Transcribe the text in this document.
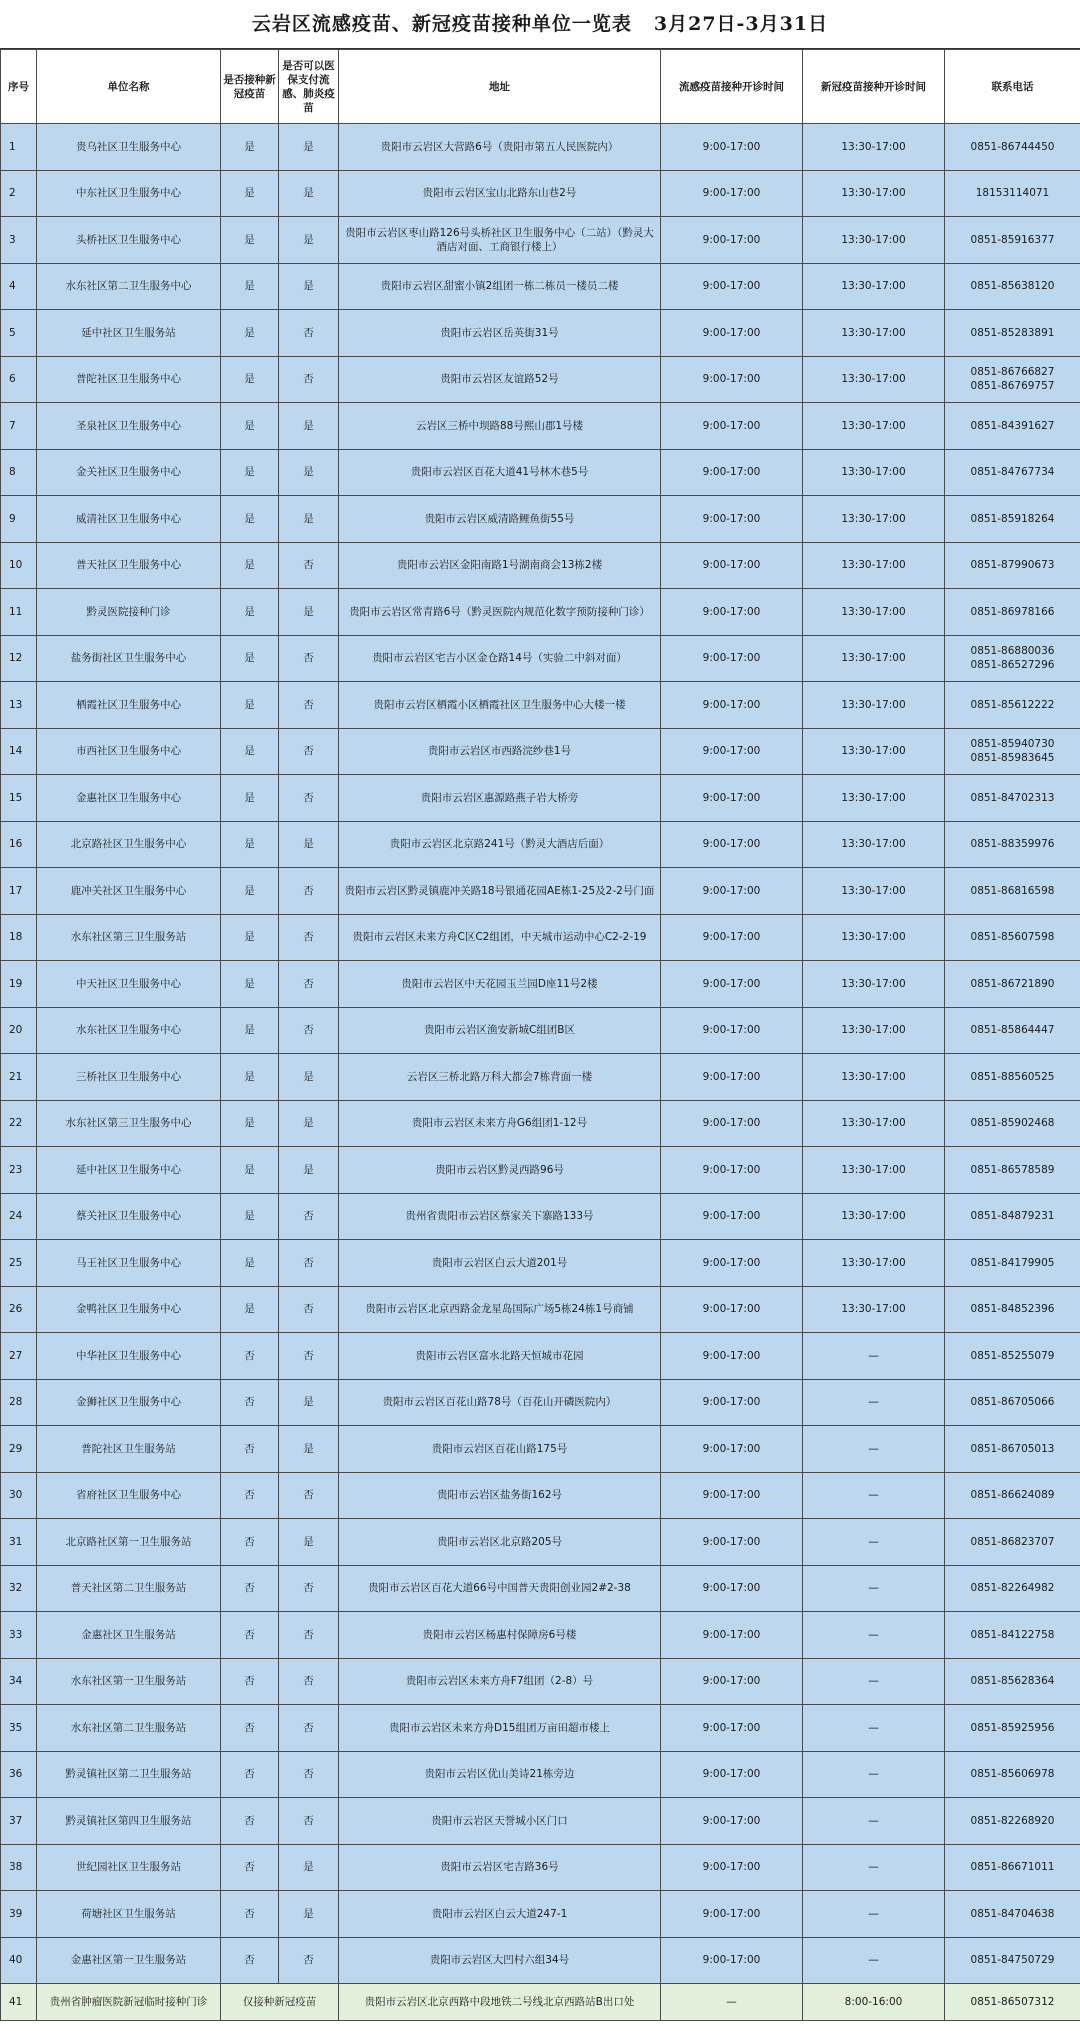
云岩区流感疫苗、新冠疫苗接种单位一览表 3月27日-3月31日
序号	单位名称	是否接种新冠疫苗	是否可以医保支付流感、肺炎疫苗	地址	流感疫苗接种开诊时间	新冠疫苗接种开诊时间	联系电话
1	贵乌社区卫生服务中心	是	是	贵阳市云岩区大营路6号（贵阳市第五人民医院内）	9:00-17:00	13:30-17:00	0851-86744450

2	中东社区卫生服务中心	是	是	贵阳市云岩区宝山北路东山巷2号	9:00-17:00	13:30-17:00	18153114071

3	头桥社区卫生服务中心	是	是	贵阳市云岩区枣山路126号头桥社区卫生服务中心（二站）（黔灵大酒店对面、工商银行楼上）	9:00-17:00	13:30-17:00	0851-85916377

4	水东社区第二卫生服务中心	是	是	贵阳市云岩区甜蜜小镇2组团一栋二栋员一楼员二楼	9:00-17:00	13:30-17:00	0851-85638120

5	延中社区卫生服务站	是	否	贵阳市云岩区岳英街31号	9:00-17:00	13:30-17:00	0851-85283891

6	普陀社区卫生服务中心	是	否	贵阳市云岩区友谊路52号	9:00-17:00	13:30-17:00	0851-86766827
0851-86769757

7	圣泉社区卫生服务中心	是	是	云岩区三桥中坝路88号熙山郡1号楼	9:00-17:00	13:30-17:00	0851-84391627

8	金关社区卫生服务中心	是	是	贵阳市云岩区百花大道41号林木巷5号	9:00-17:00	13:30-17:00	0851-84767734

9	威清社区卫生服务中心	是	是	贵阳市云岩区威清路鲤鱼街55号	9:00-17:00	13:30-17:00	0851-85918264

10	普天社区卫生服务中心	是	否	贵阳市云岩区金阳南路1号湖南商会13栋2楼	9:00-17:00	13:30-17:00	0851-87990673

11	黔灵医院接种门诊	是	是	贵阳市云岩区常青路6号（黔灵医院内规范化数字预防接种门诊）	9:00-17:00	13:30-17:00	0851-86978166

12	盐务街社区卫生服务中心	是	否	贵阳市云岩区宅吉小区金仓路14号（实验二中斜对面）	9:00-17:00	13:30-17:00	0851-86880036
0851-86527296

13	栖霞社区卫生服务中心	是	否	贵阳市云岩区栖霞小区栖霞社区卫生服务中心大楼一楼	9:00-17:00	13:30-17:00	0851-85612222

14	市西社区卫生服务中心	是	否	贵阳市云岩区市西路浣纱巷1号	9:00-17:00	13:30-17:00	0851-85940730
0851-85983645

15	金惠社区卫生服务中心	是	否	贵阳市云岩区惠源路燕子岩大桥旁	9:00-17:00	13:30-17:00	0851-84702313

16	北京路社区卫生服务中心	是	是	贵阳市云岩区北京路241号（黔灵大酒店后面）	9:00-17:00	13:30-17:00	0851-88359976

17	鹿冲关社区卫生服务中心	是	否	贵阳市云岩区黔灵镇鹿冲关路18号银通花园AE栋1-25及2-2号门面	9:00-17:00	13:30-17:00	0851-86816598

18	水东社区第三卫生服务站	是	否	贵阳市云岩区未来方舟C区C2组团，中天城市运动中心C2-2-19	9:00-17:00	13:30-17:00	0851-85607598

19	中天社区卫生服务中心	是	否	贵阳市云岩区中天花园玉兰园D座11号2楼	9:00-17:00	13:30-17:00	0851-86721890

20	水东社区卫生服务中心	是	否	贵阳市云岩区渔安新城C组团B区	9:00-17:00	13:30-17:00	0851-85864447

21	三桥社区卫生服务中心	是	是	云岩区三桥北路万科大都会7栋背面一楼	9:00-17:00	13:30-17:00	0851-88560525

22	水东社区第三卫生服务中心	是	是	贵阳市云岩区未来方舟G6组团1-12号	9:00-17:00	13:30-17:00	0851-85902468

23	延中社区卫生服务中心	是	是	贵阳市云岩区黔灵西路96号	9:00-17:00	13:30-17:00	0851-86578589

24	蔡关社区卫生服务中心	是	否	贵州省贵阳市云岩区蔡家关下寨路133号	9:00-17:00	13:30-17:00	0851-84879231

25	马王社区卫生服务中心	是	否	贵阳市云岩区白云大道201号	9:00-17:00	13:30-17:00	0851-84179905

26	金鸭社区卫生服务中心	是	否	贵阳市云岩区北京西路金龙星岛国际广场5栋24栋1号商铺	9:00-17:00	13:30-17:00	0851-84852396

27	中华社区卫生服务中心	否	否	贵阳市云岩区富水北路天恒城市花园	9:00-17:00	—	0851-85255079

28	金狮社区卫生服务中心	否	是	贵阳市云岩区百花山路78号（百花山开磷医院内）	9:00-17:00	—	0851-86705066

29	普陀社区卫生服务站	否	是	贵阳市云岩区百花山路175号	9:00-17:00	—	0851-86705013

30	省府社区卫生服务中心	否	否	贵阳市云岩区盐务街162号	9:00-17:00	—	0851-86624089

31	北京路社区第一卫生服务站	否	是	贵阳市云岩区北京路205号	9:00-17:00	—	0851-86823707

32	普天社区第二卫生服务站	否	否	贵阳市云岩区百花大道66号中国普天贵阳创业园2#2-38	9:00-17:00	—	0851-82264982

33	金惠社区卫生服务站	否	否	贵阳市云岩区杨惠村保障房6号楼	9:00-17:00	—	0851-84122758

34	水东社区第一卫生服务站	否	否	贵阳市云岩区未来方舟F7组团（2-8）号	9:00-17:00	—	0851-85628364

35	水东社区第二卫生服务站	否	否	贵阳市云岩区未来方舟D15组团万亩田超市楼上	9:00-17:00	—	0851-85925956

36	黔灵镇社区第二卫生服务站	否	否	贵阳市云岩区优山美诗21栋旁边	9:00-17:00	—	0851-85606978

37	黔灵镇社区第四卫生服务站	否	否	贵阳市云岩区天誉城小区门口	9:00-17:00	—	0851-82268920

38	世纪园社区卫生服务站	否	是	贵阳市云岩区宅吉路36号	9:00-17:00	—	0851-86671011

39	荷塘社区卫生服务站	否	是	贵阳市云岩区白云大道247-1	9:00-17:00	—	0851-84704638

40	金惠社区第一卫生服务站	否	否	贵阳市云岩区大凹村六组34号	9:00-17:00	—	0851-84750729

41	贵州省肿瘤医院新冠临时接种门诊	仅接种新冠疫苗		贵阳市云岩区北京西路中段地铁二号线北京西路站B出口处	—	8:00-16:00	0851-86507312
